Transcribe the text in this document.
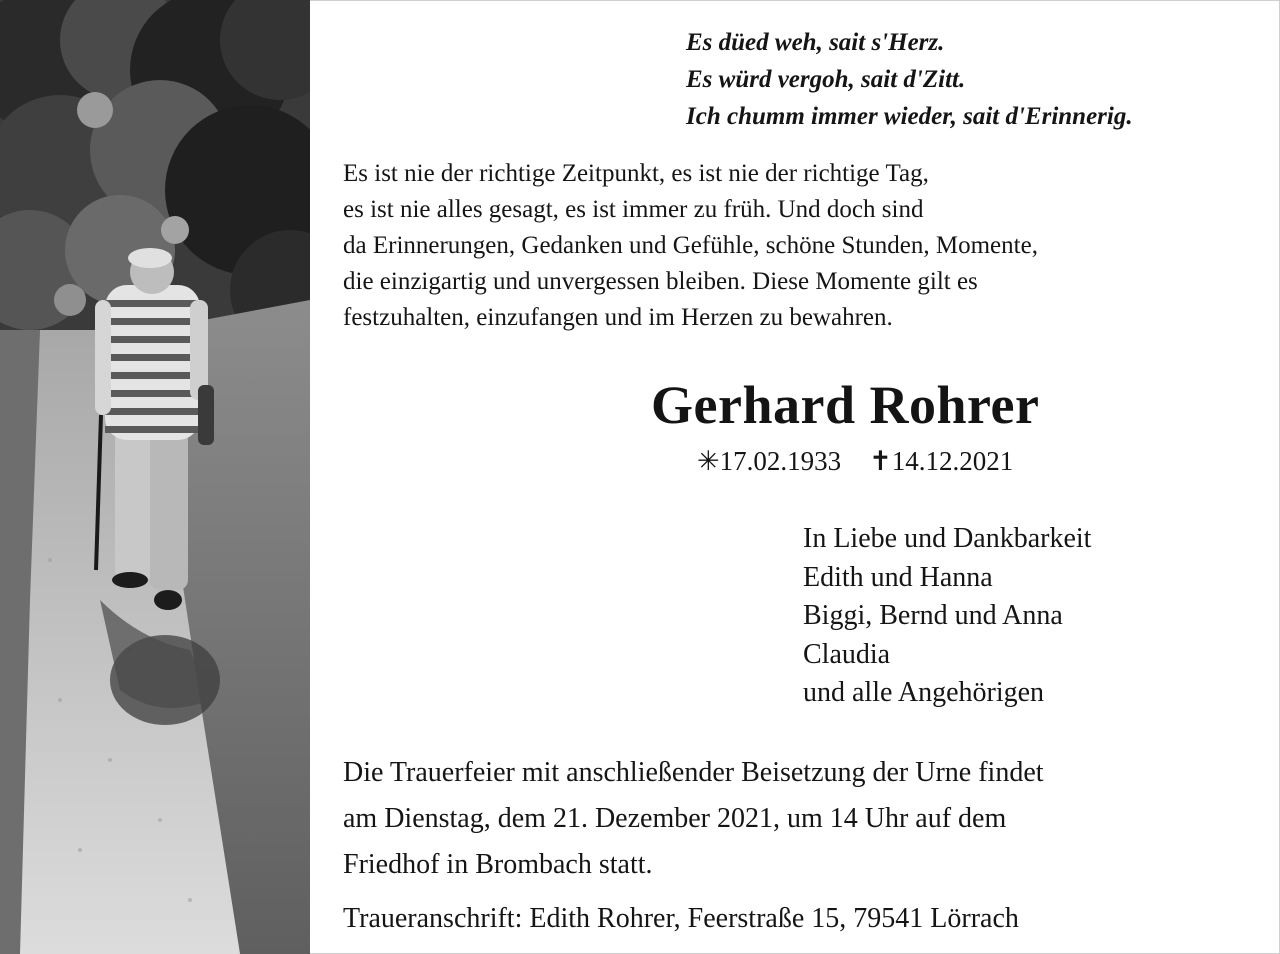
Es düed weh, sait s'Herz.
Es würd vergoh, sait d'Zitt.
Ich chumm immer wieder, sait d'Erinnerig.
Es ist nie der richtige Zeitpunkt, es ist nie der richtige Tag,
es ist nie alles gesagt, es ist immer zu früh. Und doch sind
da Erinnerungen, Gedanken und Gefühle, schöne Stunden, Momente,
die einzigartig und unvergessen bleiben. Diese Momente gilt es
festzuhalten, einzufangen und im Herzen zu bewahren.
Gerhard Rohrer
✳17.02.1933 ✝14.12.2021
In Liebe und Dankbarkeit
Edith und Hanna
Biggi, Bernd und Anna
Claudia
und alle Angehörigen
Die Trauerfeier mit anschließender Beisetzung der Urne findet
am Dienstag, dem 21. Dezember 2021, um 14 Uhr auf dem
Friedhof in Brombach statt.
Traueranschrift: Edith Rohrer, Feerstraße 15, 79541 Lörrach
